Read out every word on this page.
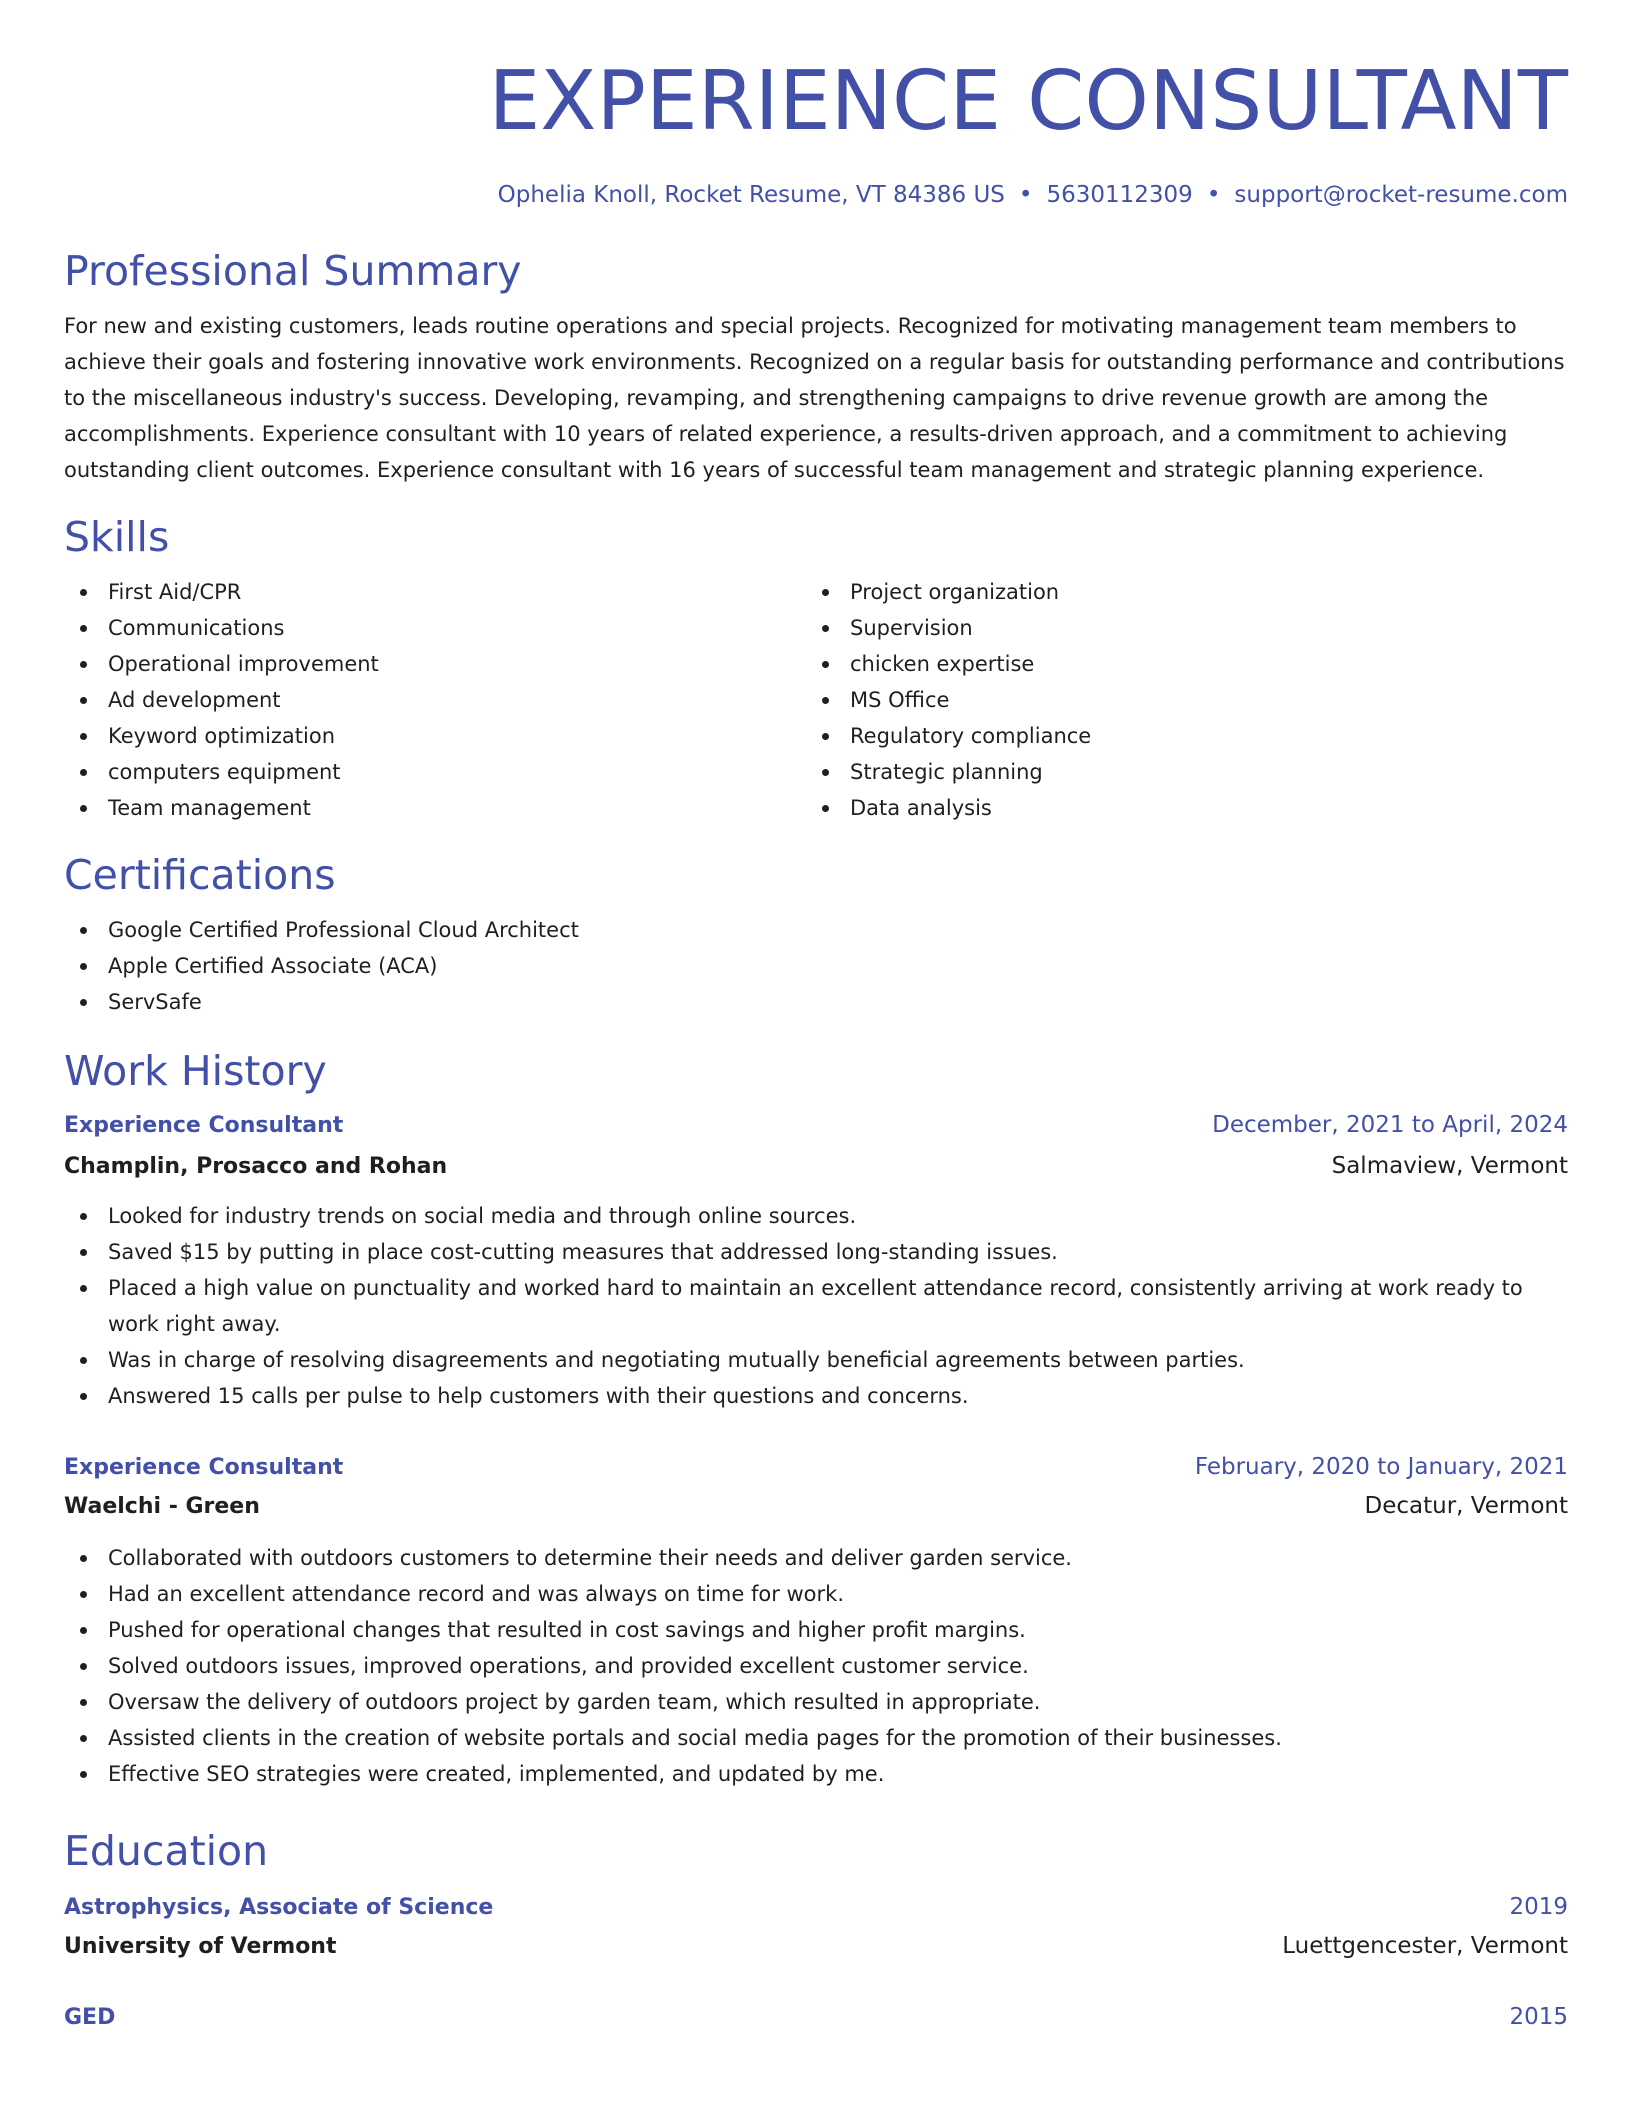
EXPERIENCE CONSULTANT
Ophelia Knoll, Rocket Resume, VT 84386 US • 5630112309 • support@rocket-resume.com
Professional Summary

For new and existing customers, leads routine operations and special projects. Recognized for motivating management team members to achieve their goals and fostering innovative work environments. Recognized on a regular basis for outstanding performance and contributions to the miscellaneous industry's success. Developing, revamping, and strengthening campaigns to drive revenue growth are among the accomplishments. Experience consultant with 10 years of related experience, a results-driven approach, and a commitment to achieving outstanding client outcomes. Experience consultant with 16 years of successful team management and strategic planning experience.

Skills
First Aid/CPR
Communications
Operational improvement
Ad development
Keyword optimization
computers equipment
Team management
Project organization
Supervision
chicken expertise
MS Office
Regulatory compliance
Strategic planning
Data analysis
Certifications
Google Certified Professional Cloud Architect
Apple Certified Associate (ACA)
ServSafe
Work History
Experience Consultant	December, 2021 to April, 2024
Champlin, Prosacco and Rohan	Salmaview, Vermont
Looked for industry trends on social media and through online sources.
Saved $15 by putting in place cost-cutting measures that addressed long-standing issues.
Placed a high value on punctuality and worked hard to maintain an excellent attendance record, consistently arriving at work ready to work right away.
Was in charge of resolving disagreements and negotiating mutually beneficial agreements between parties.
Answered 15 calls per pulse to help customers with their questions and concerns.
Experience Consultant	February, 2020 to January, 2021
Waelchi - Green	Decatur, Vermont
Collaborated with outdoors customers to determine their needs and deliver garden service.
Had an excellent attendance record and was always on time for work.
Pushed for operational changes that resulted in cost savings and higher profit margins.
Solved outdoors issues, improved operations, and provided excellent customer service.
Oversaw the delivery of outdoors project by garden team, which resulted in appropriate.
Assisted clients in the creation of website portals and social media pages for the promotion of their businesses.
Effective SEO strategies were created, implemented, and updated by me.
Education
Astrophysics, Associate of Science	2019
University of Vermont	Luettgencester, Vermont
GED	2015
